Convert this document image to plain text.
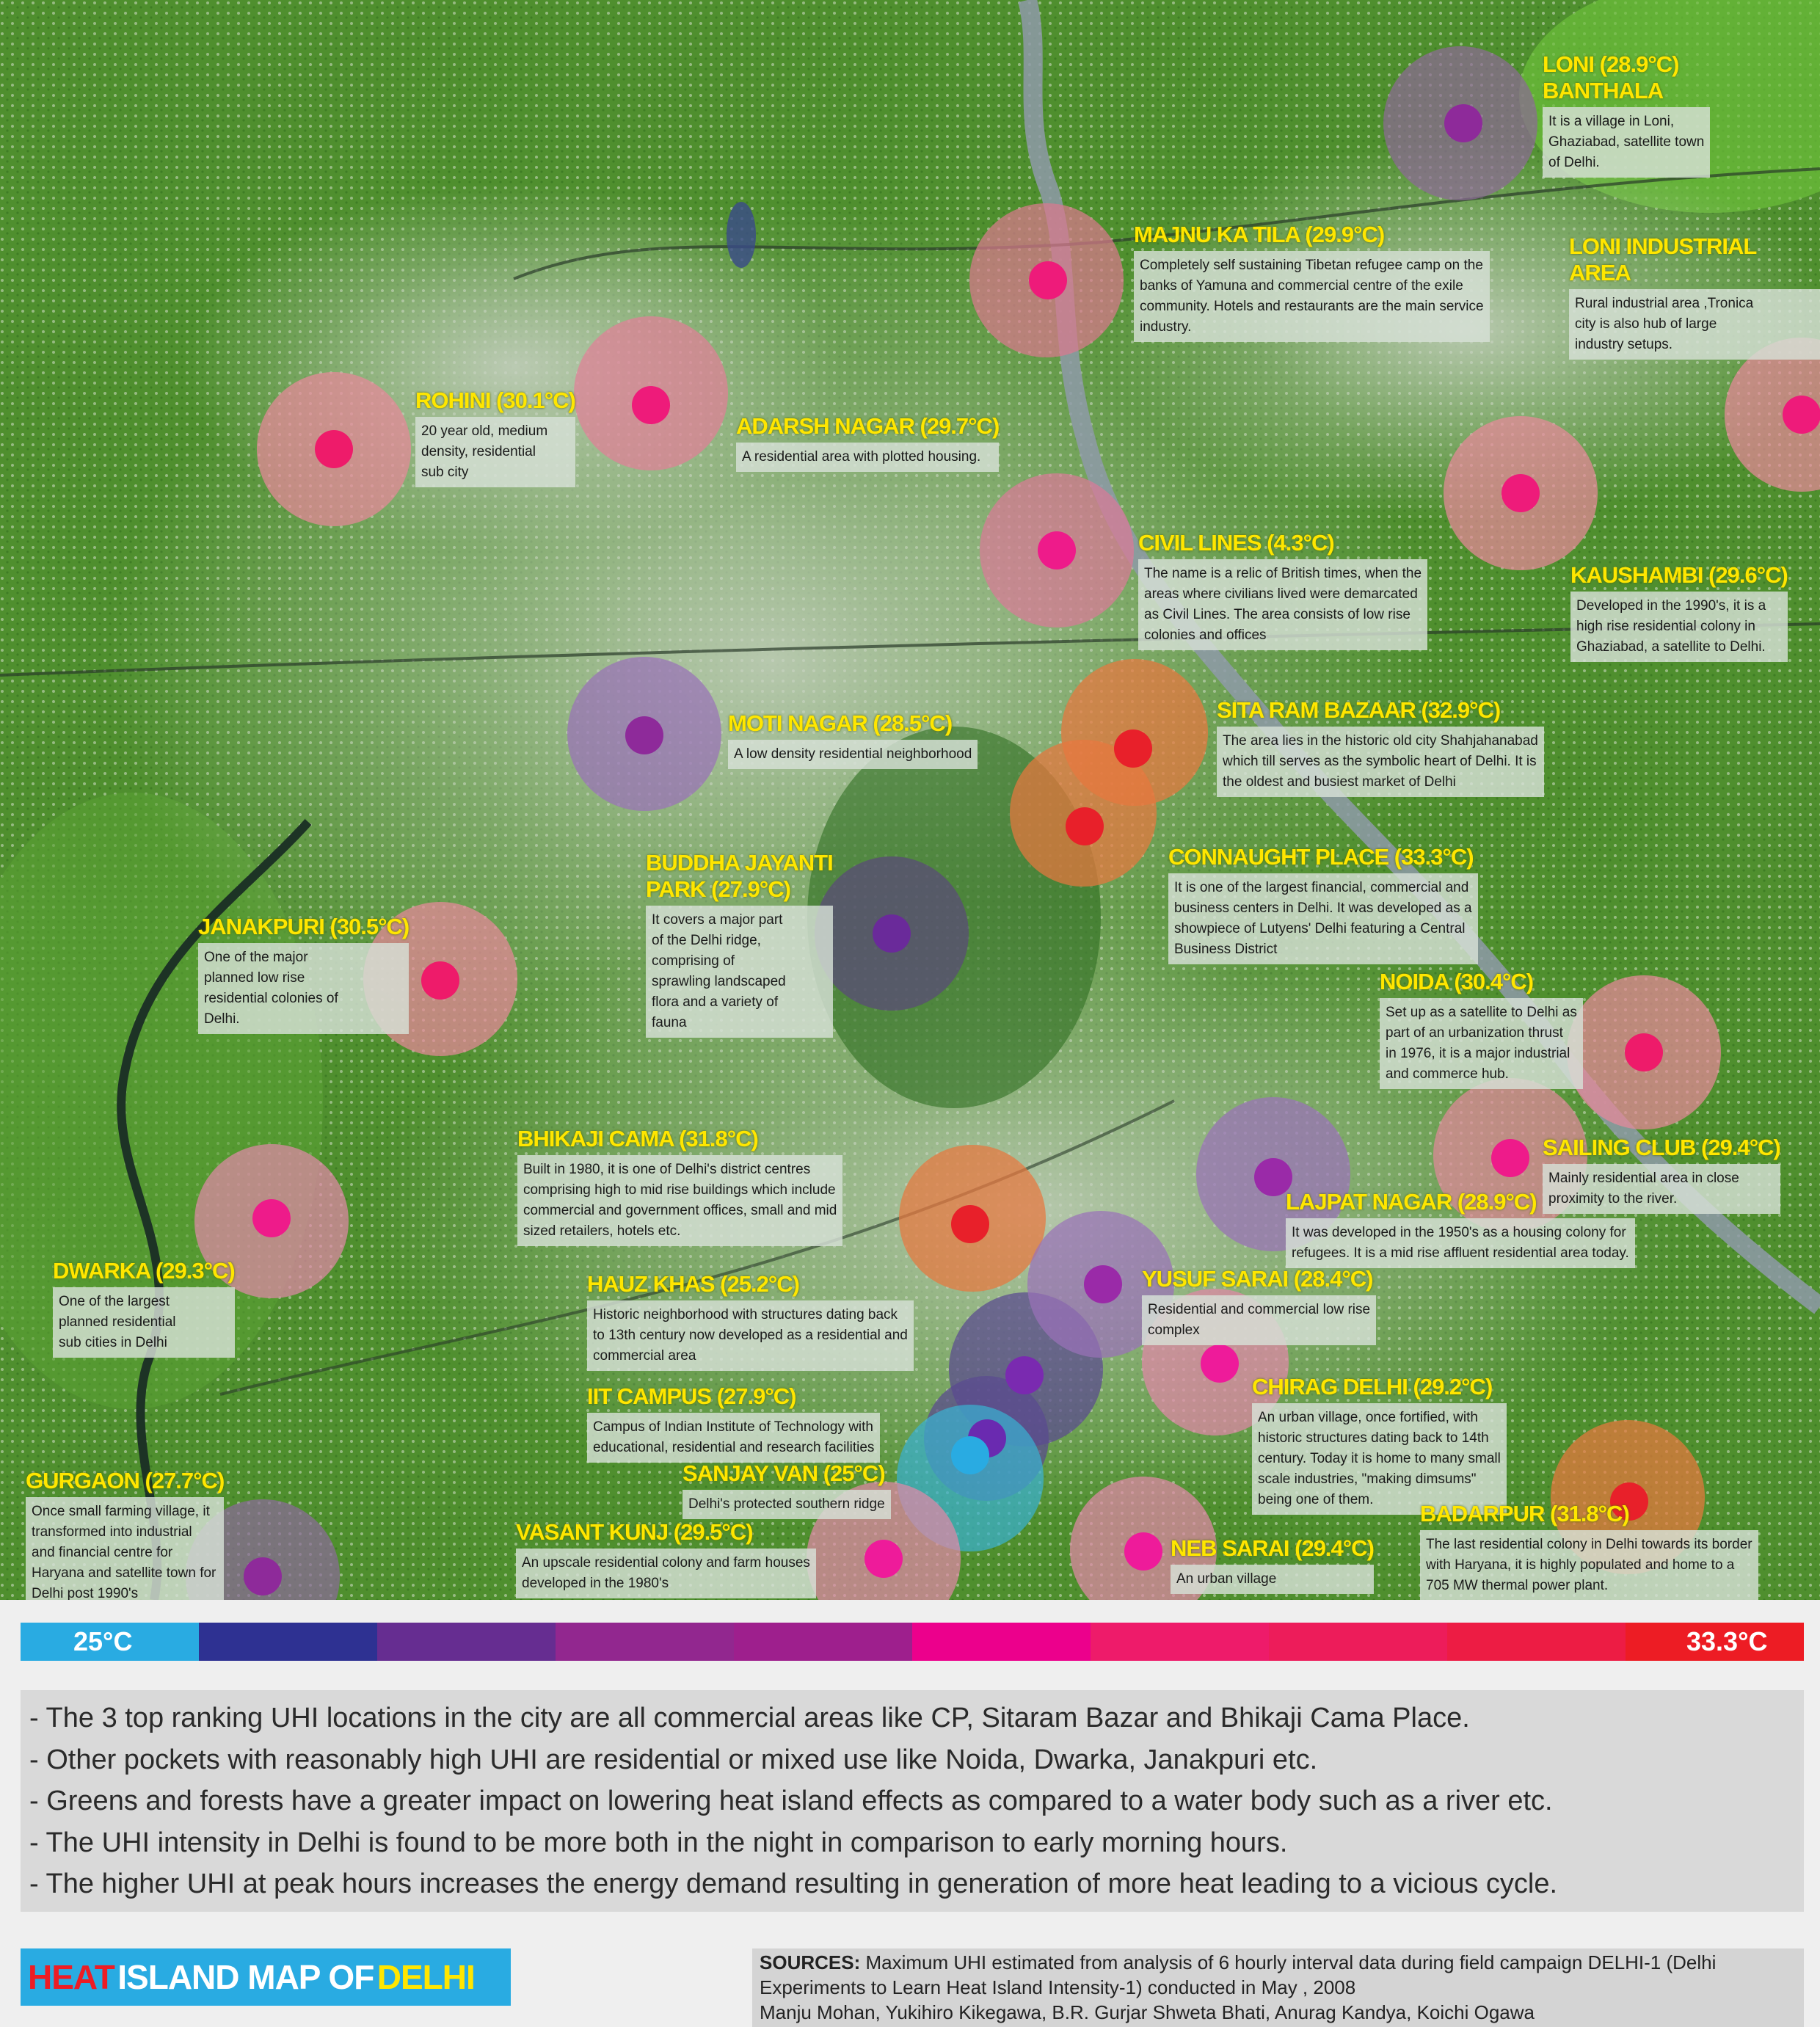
LONI (28.9°C)
BANTHALA
It is a village in Loni,
Ghaziabad, satellite town
of Delhi.
MAJNU KA TILA (29.9°C)
Completely self sustaining Tibetan refugee camp on the
banks of Yamuna and commercial centre of the exile
community. Hotels and restaurants are the main service
industry.
LONI INDUSTRIAL AREA
Rural industrial area ,Tronica
city is also hub of large
industry setups.
ROHINI (30.1°C)
20 year old, medium
density, residential
sub city
ADARSH NAGAR (29.7°C)
A residential area with plotted housing.
CIVIL LINES (4.3°C)
The name is a relic of British times, when the
areas where civilians lived were demarcated
as Civil Lines. The area consists of low rise
colonies and offices
KAUSHAMBI (29.6°C)
Developed in the 1990's, it is a
high rise residential colony in
Ghaziabad, a satellite to Delhi.
MOTI NAGAR (28.5°C)
A low density residential neighborhood
SITA RAM BAZAAR (32.9°C)
The area lies in the historic old city Shahjahanabad
which till serves as the symbolic heart of Delhi. It is
the oldest and busiest market of Delhi
CONNAUGHT PLACE (33.3°C)
It is one of the largest financial, commercial and
business centers in Delhi. It was developed as a
showpiece of Lutyens' Delhi featuring a Central
Business District
BUDDHA JAYANTI
PARK (27.9°C)
It covers a major part
of the Delhi ridge,
comprising of
sprawling landscaped
flora and a variety of
fauna
JANAKPURI (30.5°C)
One of the major
planned low rise
residential colonies of
Delhi.
NOIDA (30.4°C)
Set up as a satellite to Delhi as
part of an urbanization thrust
in 1976, it is a major industrial
and commerce hub.
BHIKAJI CAMA (31.8°C)
Built in 1980, it is one of Delhi's district centres
comprising high to mid rise buildings which include
commercial and government offices, small and mid
sized retailers, hotels etc.
SAILING CLUB (29.4°C)
Mainly residential area in close
proximity to the river.
LAJPAT NAGAR (28.9°C)
It was developed in the 1950's as a housing colony for
refugees. It is a mid rise affluent residential area today.
DWARKA (29.3°C)
One of the largest
planned residential
sub cities in Delhi
HAUZ KHAS (25.2°C)
Historic neighborhood with structures dating back
to 13th century now developed as a residential and
commercial area
YUSUF SARAI (28.4°C)
Residential and commercial low rise
complex
CHIRAG DELHI (29.2°C)
An urban village, once fortified, with
historic structures dating back to 14th
century. Today it is home to many small
scale industries, "making dimsums"
being one of them.
IIT CAMPUS (27.9°C)
Campus of Indian Institute of Technology with
educational, residential and research facilities
SANJAY VAN (25°C)
Delhi's protected southern ridge
GURGAON (27.7°C)
Once small farming village, it
transformed into industrial
and financial centre for
Haryana and satellite town for
Delhi post 1990's
VASANT KUNJ (29.5°C)
An upscale residential colony and farm houses
developed in the 1980's
NEB SARAI (29.4°C)
An urban village
BADARPUR (31.8°C)
The last residential colony in Delhi towards its border
with Haryana, it is highly populated and home to a
705 MW thermal power plant.
25°C	33.3°C
- The 3 top ranking UHI locations in the city are all commercial areas like CP, Sitaram Bazar and Bhikaji Cama Place.
- Other pockets with reasonably high UHI are residential or mixed use like Noida, Dwarka, Janakpuri etc.
- Greens and forests have a greater impact on lowering heat island effects as compared to a water body such as a river etc.
- The UHI intensity in Delhi is found to be more both in the night in comparison to early morning hours.
- The higher UHI at peak hours increases the energy demand resulting in generation of more heat leading to a vicious cycle.
HEAT
ISLAND MAP OF
DELHI	SOURCES: Maximum UHI estimated from analysis of 6 hourly interval data during field campaign DELHI-1 (Delhi
Experiments to Learn Heat Island Intensity-1) conducted in May , 2008
Manju Mohan, Yukihiro Kikegawa, B.R. Gurjar Shweta Bhati, Anurag Kandya, Koichi Ogawa
